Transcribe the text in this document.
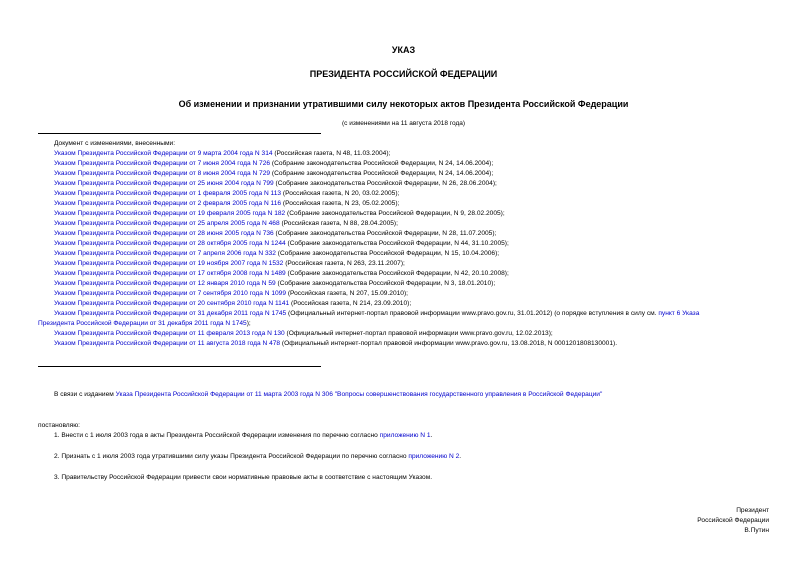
УКАЗ
ПРЕЗИДЕНТА РОССИЙСКОЙ ФЕДЕРАЦИИ
Об изменении и признании утратившими силу некоторых актов Президента Российской Федерации
(с изменениями на 11 августа 2018 года)
Документ с изменениями, внесенными:
Указом Президента Российской Федерации от 9 марта 2004 года N 314 (Российская газета, N 48, 11.03.2004);
Указом Президента Российской Федерации от 7 июня 2004 года N 726 (Собрание законодательства Российской Федерации, N 24, 14.06.2004);
Указом Президента Российской Федерации от 8 июня 2004 года N 729 (Собрание законодательства Российской Федерации, N 24, 14.06.2004);
Указом Президента Российской Федерации от 25 июня 2004 года N 799 (Собрание законодательства Российской Федерации, N 26, 28.06.2004);
Указом Президента Российской Федерации от 1 февраля 2005 года N 113 (Российская газета, N 20, 03.02.2005);
Указом Президента Российской Федерации от 2 февраля 2005 года N 116 (Российская газета, N 23, 05.02.2005);
Указом Президента Российской Федерации от 19 февраля 2005 года N 182 (Собрание законодательства Российской Федерации, N 9, 28.02.2005);
Указом Президента Российской Федерации от 25 апреля 2005 года N 468 (Российская газета, N 88, 28.04.2005);
Указом Президента Российской Федерации от 28 июня 2005 года N 736 (Собрание законодательства Российской Федерации, N 28, 11.07.2005);
Указом Президента Российской Федерации от 28 октября 2005 года N 1244 (Собрание законодательства Российской Федерации, N 44, 31.10.2005);
Указом Президента Российской Федерации от 7 апреля 2006 года N 332 (Собрание законодательства Российской Федерации, N 15, 10.04.2006);
Указом Президента Российской Федерации от 19 ноября 2007 года N 1532 (Российская газета, N 263, 23.11.2007);
Указом Президента Российской Федерации от 17 октября 2008 года N 1489 (Собрание законодательства Российской Федерации, N 42, 20.10.2008);
Указом Президента Российской Федерации от 12 января 2010 года N 59 (Собрание законодательства Российской Федерации, N 3, 18.01.2010);
Указом Президента Российской Федерации от 7 сентября 2010 года N 1099 (Российская газета, N 207, 15.09.2010);
Указом Президента Российской Федерации от 20 сентября 2010 года N 1141 (Российская газета, N 214, 23.09.2010);
Указом Президента Российской Федерации от 31 декабря 2011 года N 1745 (Официальный интернет-портал правовой информации www.pravo.gov.ru, 31.01.2012) (о порядке вступления в силу см. пункт 6 Указа
Президента Российской Федерации от 31 декабря 2011 года N 1745);
Указом Президента Российской Федерации от 11 февраля 2013 года N 130 (Официальный интернет-портал правовой информации www.pravo.gov.ru, 12.02.2013);
Указом Президента Российской Федерации от 11 августа 2018 года N 478 (Официальный интернет-портал правовой информации www.pravo.gov.ru, 13.08.2018, N 0001201808130001).
В связи с изданием Указа Президента Российской Федерации от 11 марта 2003 года N 306 "Вопросы совершенствования государственного управления в Российской Федерации"
постановляю:
1. Внести с 1 июля 2003 года в акты Президента Российской Федерации изменения по перечню согласно приложению N 1.
2. Признать с 1 июля 2003 года утратившими силу указы Президента Российской Федерации по перечню согласно приложению N 2.
3. Правительству Российской Федерации привести свои нормативные правовые акты в соответствие с настоящим Указом.
Президент
Российской Федерации
В.Путин
